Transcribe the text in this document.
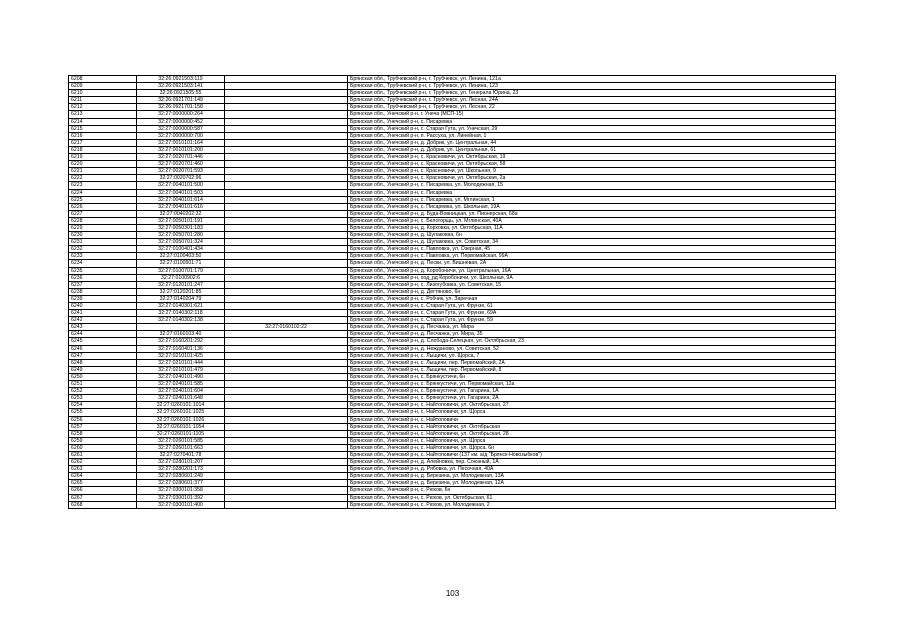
6208	32:26:0921503:119		Брянская обл., Трубчевский р-н, г. Трубчевск, ул. Ленина, 121а
6209	32:26:0921503:141		Брянская обл., Трубчевский р-н, г. Трубчевск, ул. Ленина, 123
6210	32:26:0921505:55		Брянская обл., Трубчевский р-н, г. Трубчевск, ул. Генерала Юрина, 23
6211	32:26:0921701:149		Брянская обл., Трубчевский р-н, г. Трубчевск, ул. Лесная, 24А
6212	32:26:0921701:158		Брянская обл., Трубчевский р-н, г. Трубчевск, ул. Лесная, 22
6213	32:27:0000000:264		Брянская обл., Унечский р-н, г. Унеча (МСП-15)
6214	32:27:0000000:452		Брянская обл., Унечский р-н, с. Писаревка
6215	32:27:0000000:587		Брянская обл., Унечский р-н, с. Старая Гута, ул. Унечская, 29
6216	32:27:0000000:700		Брянская обл., Унечский р-н, п. Рассуха, ул. Линейная, 1
6217	32:27:0010101:164		Брянская обл., Унечский р-н, д. Добрик, ул. Центральная, 44
6218	32:27:0010101:200		Брянская обл., Унечский р-н, д. Добрик, ул. Центральная, 61
6219	32:27:0020701:446		Брянская обл., Унечский р-н, с. Красновичи, ул. Октябрьская, 19
6220	32:27:0020701:460		Брянская обл., Унечский р-н, с. Красновичи, ул. Октябрьская, 58
6221	32:27:0020701:593		Брянская обл., Унечский р-н, с. Красновичи, ул. Школьная, 9
6222	32:27:0020702:96		Брянская обл., Унечский р-н, с. Красновичи, ул. Октябрьская, 2а
6223	32:27:0040101:500		Брянская обл., Унечский р-н, с. Писаревка, ул. Молодежная, 15
6224	32:27:0040101:503		Брянская обл., Унечский р-н, с. Писаревка
6225	32:27:0040101:614		Брянская обл., Унечский р-н, с. Писаревка, ул. Мглинская, 1
6226	32:27:0040101:616		Брянская обл., Унечский р-н, с. Писаревка, ул. Школьная, 19А
6227	32:27:0040202:32		Брянская обл., Унечский р-н, д. Буда-Вовницкая, ул. Пионерская, 68а
6228	32:27:0050101:191		Брянская обл., Унечский р-н, с. Белогорщь, ул. Мглинская, 40А
6229	32:27:0050301:183		Брянская обл., Унечский р-н, д. Корховка, ул. Октябрьская, 11А
6230	32:27:0050701:280		Брянская обл., Унечский р-н, д. Шулаковка, 6н
6231	32:27:0050701:324		Брянская обл., Унечский р-н, д. Шулаковка, ул. Советская, 34
6232	32:27:0100401:434		Брянская обл., Унечский р-н, с. Павловка, ул. Озерная, 45
6233	32:27:0100403:50		Брянская обл., Унечский р-н, с. Павловка, ул. Первомайская, 99А
6234	32:27:0100501:71		Брянская обл., Унечский р-н, д. Пески, ул. Вишневая, 2А
6235	32:27:0100701:179		Брянская обл., Унечский р-н, д. Коробоничи, ул. Центральная, 16А
6236	32:27:0100902:6		Брянская обл., Унечский р-н, ход_рд Коробоничи, ул. Школьная, 9А
6237	32:27:0120101:247		Брянская обл., Унечский р-н, с. Лизогубовка, ул. Советская, 15
6238	32:27:0120201:85		Брянская обл., Унечский р-н, д. Дегтяновo, 6н
6239	32:27:0140204:79		Брянская обл., Унечский р-н, с. Робчик, ул. Заречная
6240	32:27:0140301:621		Брянская обл., Унечский р-н, с. Старая Гута, ул. Фрунзе, 61
6241	32:27:0140302:118		Брянская обл., Унечский р-н, с. Старая Гута, ул. Фрунзе, 69А
6242	32:27:0140302:138		Брянская обл., Унечский р-н, с. Старая Гута, ул. Фрунзе, 59
6243		32:27:0160102:22	Брянская обл., Унечский р-н, д. Песчанка, ул. Мира
6244	32:27:0160103:40		Брянская обл., Унечский р-н, д. Песчанка, ул. Мира, 35
6245	32:27:0160201:292		Брянская обл., Унечский р-н, д. Слобода-Селецкая, ул. Октябрьская, 23
6246	32:27:0160401:136		Брянская обл., Унечский р-н, д. Нежданово, ул. Советская, 52
6247	32:27:0210101:425		Брянская обл., Унечский р-н, с. Лыщичи, ул. Щорса, 7
6248	32:27:0210101:444		Брянская обл., Унечский р-н, с. Лыщичи, пер. Первомайский, 2А
6249	32:27:0210101:479		Брянская обл., Унечский р-н, с. Лыщичи, пер. Первомайский, 8
6250	32:27:0240101:490		Брянская обл., Унечский р-н, с. Брянкустичи, 6н
6251	32:27:0240101:585		Брянская обл., Унечский р-н, с. Брянкустичи, ул. Первомайская, 12а
6252	32:27:0240101:604		Брянская обл., Унечский р-н, с. Брянкустичи, ул. Гагарина, 1А
6253	32:27:0240101:648		Брянская обл., Унечский р-н, с. Брянкустичи, ул. Гагарина, 2А
6254	32:27:0260101:1014		Брянская обл., Унечский р-н, с. Найтоповичи, ул. Октябрьская, 27
6255	32:27:0260101:1025		Брянская обл., Унечский р-н, с. Найтоповичи, ул. Щорса
6256	32:27:0260101:1026		Брянская обл., Унечский р-н, с. Найтоповичи
6257	32:27:0260101:1054		Брянская обл., Унечский р-н, с. Найтоповичи, ул. Октябрьская
6258	32:27:0260101:1105		Брянская обл., Унечский р-н, с. Найтоповичи, ул. Октябрьская, 28
6259	32:27:0260101:585		Брянская обл., Унечский р-н, с. Найтоповичи, ул. Щорса
6260	32:27:0260101:663		Брянская обл., Унечский р-н, с. Найтоповичи, ул. Щорса, 6н
6261	32:27:0270401:78		Брянская обл., Унечский р-н, с. Найтоповичи (137 км. а/д "Брянск-Новозыбков")
6262	32:27:0280101:207		Брянская обл., Унечский р-н, д. Алейновка, пер. Союзный, 1А
6263	32:27:0280201:173		Брянская обл., Унечский р-н, д. Рябовка, ул. Песочная, 40А
6264	32:27:0280601:249		Брянская обл., Унечский р-н, д. Березина, ул. Молодежная, 13А
6265	32:27:0280601:377		Брянская обл., Унечский р-н, д. Березина, ул. Молодежная, 12А
6266	32:27:0300101:358		Брянская обл., Унечский р-н, с. Рюхов, 6н
6267	32:27:0300101:392		Брянская обл., Унечский р-н, с. Рюхов, ул. Октябрьская, 61
6268	32:27:0300101:400		Брянская обл., Унечский р-н, с. Рюхов, ул. Молодежная, 2
103
